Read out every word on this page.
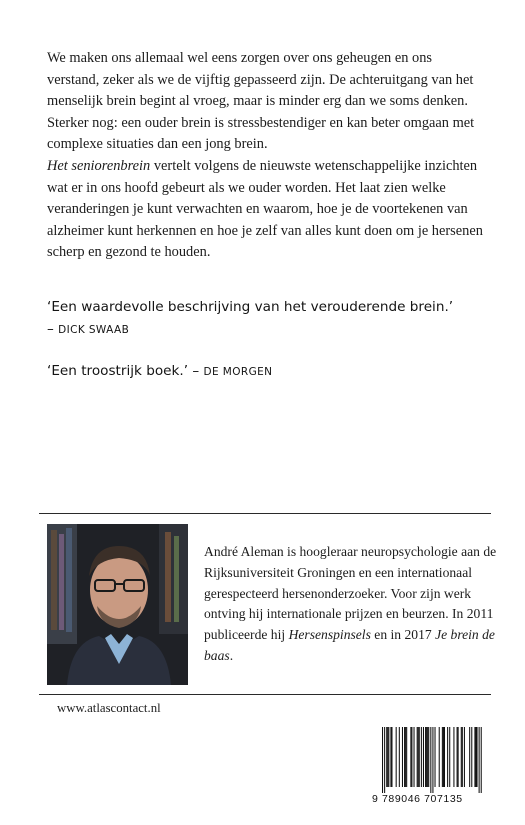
We maken ons allemaal wel eens zorgen over ons geheugen en ons verstand, zeker als we de vijftig gepasseerd zijn. De achteruitgang van het menselijk brein begint al vroeg, maar is minder erg dan we soms denken. Sterker nog: een ouder brein is stressbestendiger en kan beter omgaan met complexe situaties dan een jong brein.

Het seniorenbrein vertelt volgens de nieuwste wetenschappelijke inzichten wat er in ons hoofd gebeurt als we ouder worden. Het laat zien welke veranderingen je kunt verwachten en waarom, hoe je de voortekenen van alzheimer kunt herkennen en hoe je zelf van alles kunt doen om je hersenen scherp en gezond te houden.

‘Een waardevolle beschrijving van het verouderende brein.’
– DICK SWAAB
‘Een troostrijk boek.’ – DE MORGEN

André Aleman is hoogleraar neuropsychologie aan de Rijksuniversiteit Groningen en een internationaal gerespecteerd hersenonderzoeker. Voor zijn werk ontving hij internationale prijzen en beurzen. In 2011 publiceerde hij Hersenspinsels en in 2017 Je brein de baas.

www.atlascontact.nl
9 789046 707135
